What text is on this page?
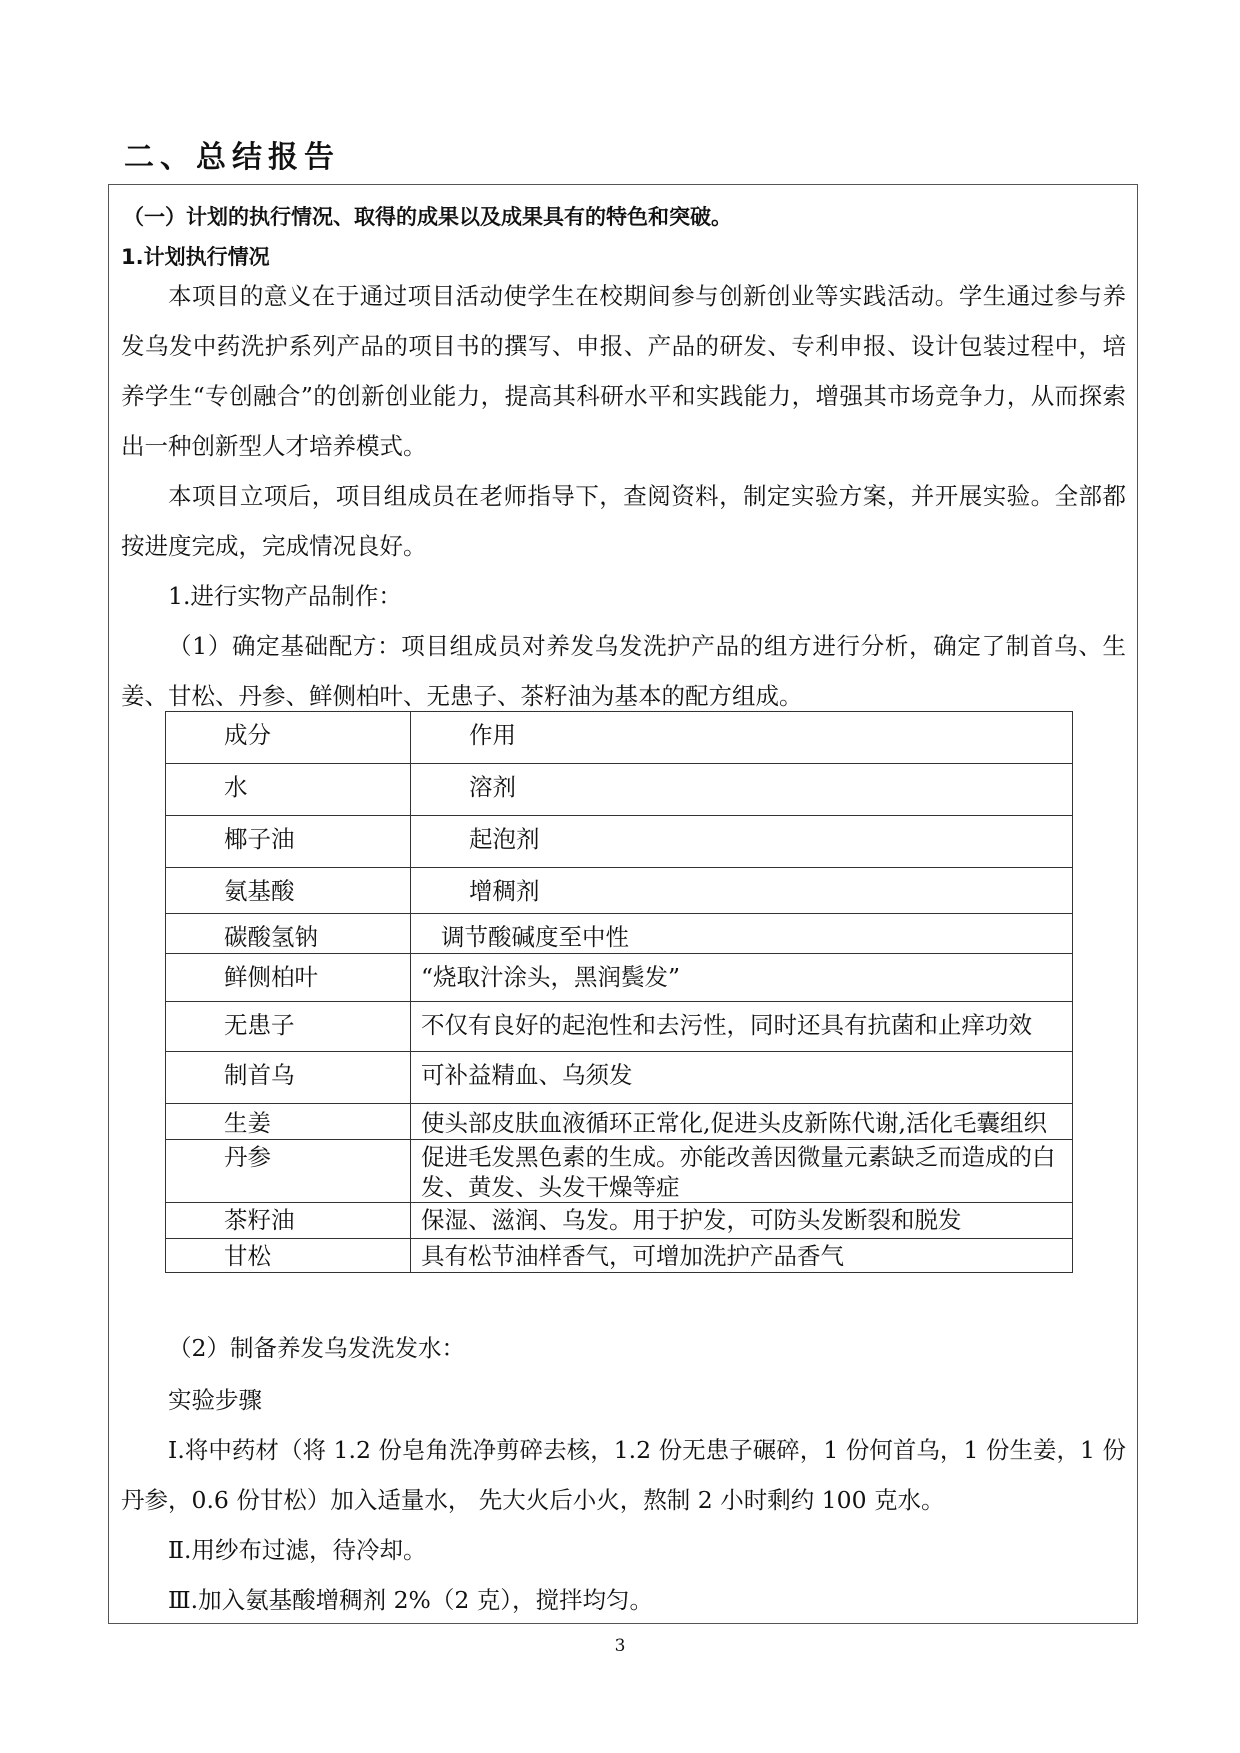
二、总结报告

（一）计划的执行情况、取得的成果以及成果具有的特色和突破。

1.计划执行情况

本项目的意义在于通过项目活动使学生在校期间参与创新创业等实践活动。学生通过参与养发乌发中药洗护系列产品的项目书的撰写、申报、产品的研发、专利申报、设计包装过程中，培养学生“专创融合”的创新创业能力，提高其科研水平和实践能力，增强其市场竞争力，从而探索出一种创新型人才培养模式。

本项目立项后，项目组成员在老师指导下，查阅资料，制定实验方案，并开展实验。全部都按进度完成，完成情况良好。

1.进行实物产品制作：

（1）确定基础配方：项目组成员对养发乌发洗护产品的组方进行分析，确定了制首乌、生姜、甘松、丹参、鲜侧柏叶、无患子、茶籽油为基本的配方组成。

成分	作用
水	溶剂
椰子油	起泡剂
氨基酸	增稠剂
碳酸氢钠	调节酸碱度至中性
鲜侧柏叶	“烧取汁涂头，黑润鬓发”
无患子	不仅有良好的起泡性和去污性，同时还具有抗菌和止痒功效
制首乌	可补益精血、乌须发
生姜	使头部皮肤血液循环正常化,促进头皮新陈代谢,活化毛囊组织
丹参	促进毛发黑色素的生成。亦能改善因微量元素缺乏而造成的白发、黄发、头发干燥等症
茶籽油	保湿、滋润、乌发。用于护发，可防头发断裂和脱发
甘松	具有松节油样香气，可增加洗护产品香气

（2）制备养发乌发洗发水：

实验步骤

Ⅰ.将中药材（将 1.2 份皂角洗净剪碎去核，1.2 份无患子碾碎，1 份何首乌，1 份生姜，1 份丹参，0.6 份甘松）加入适量水， 先大火后小火，熬制 2 小时剩约 100 克水。

Ⅱ.用纱布过滤，待冷却。

Ⅲ.加入氨基酸增稠剂 2%（2 克），搅拌均匀。

3
